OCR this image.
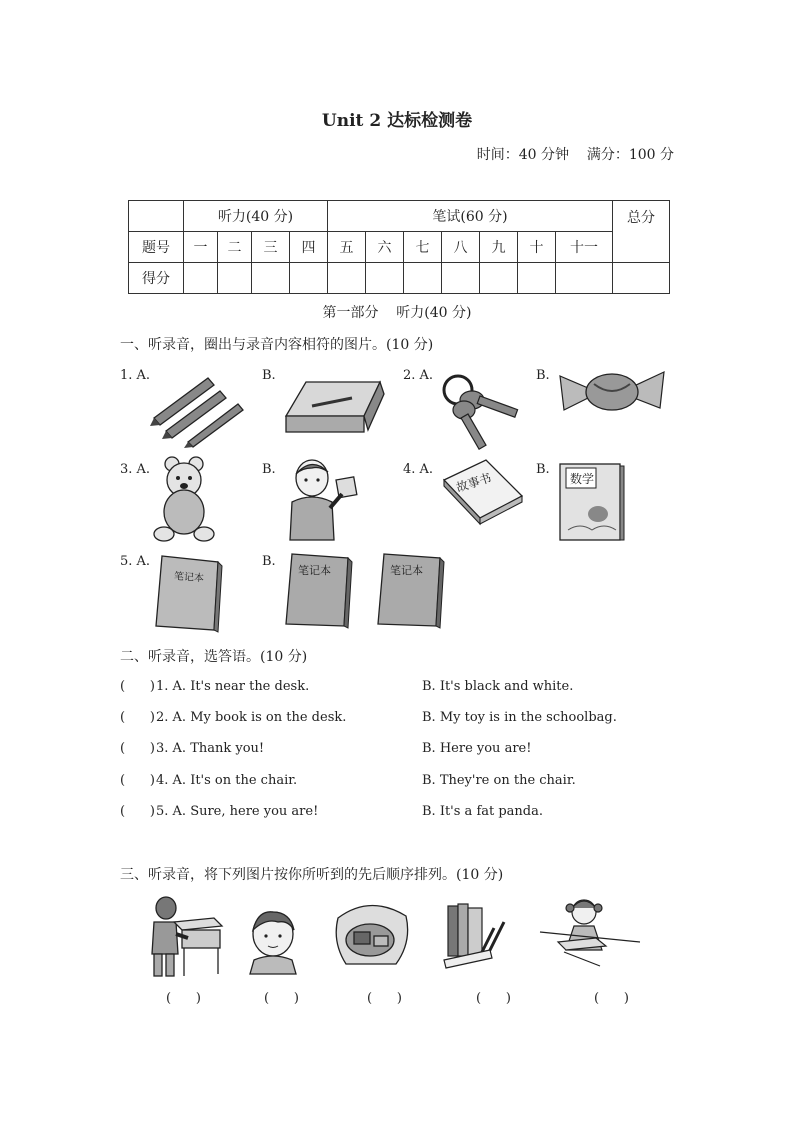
Unit 2 达标检测卷
时间：40 分钟    满分：100 分
	听力(40 分)				笔试(60 分)							总分
题号	一	二	三	四	五	六	七	八	九	十	十一	
得分												
第一部分    听力(40 分)
一、听录音，圈出与录音内容相符的图片。(10 分)
1. A.	B.	2. A.	B.
3. A.	B.	4. A.	B.
故事书	数学
5. A.	B.
笔记本
笔记本	笔记本
二、听录音，选答语。(10 分)
(      ) 1. A. It's near the desk.	B. It's black and white.
(      ) 2. A. My book is on the desk.	B. My toy is in the schoolbag.
(      ) 3. A. Thank you!	B. Here you are!
(      ) 4. A. It's on the chair.	B. They're on the chair.
(      ) 5. A. Sure, here you are!	B. It's a fat panda.
三、听录音，将下列图片按你所听到的先后顺序排列。(10 分)
(      )	(      )	(      )	(      )	(      )
